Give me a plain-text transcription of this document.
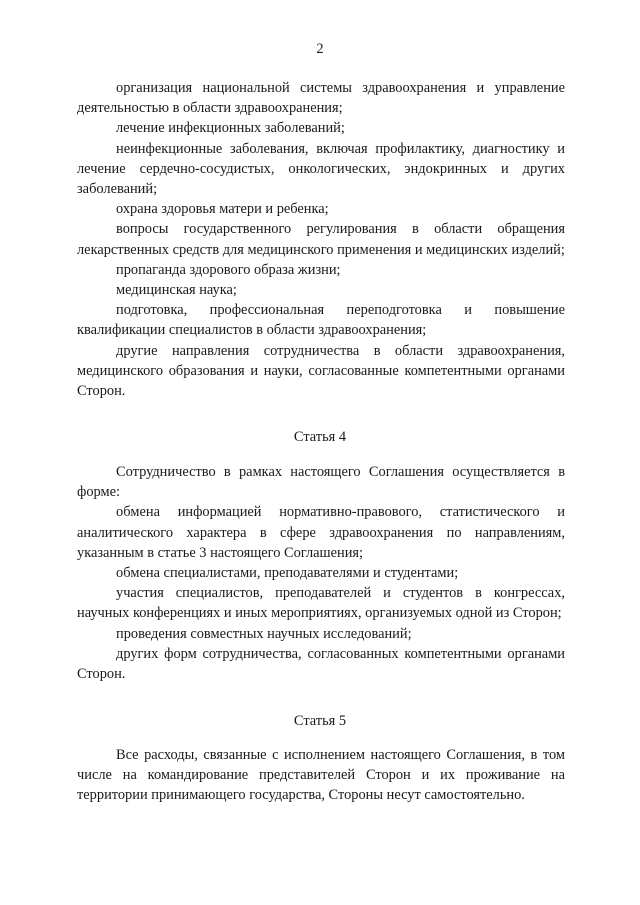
2

организация национальной системы здравоохранения и управление деятельностью в области здравоохранения;

лечение инфекционных заболеваний;

неинфекционные заболевания, включая профилактику, диагностику и лечение сердечно-сосудистых, онкологических, эндокринных и других заболеваний;

охрана здоровья матери и ребенка;

вопросы государственного регулирования в области обращения лекарственных средств для медицинского применения и медицинских изделий;

пропаганда здорового образа жизни;

медицинская наука;

подготовка, профессиональная переподготовка и повышение квалификации специалистов в области здравоохранения;

другие направления сотрудничества в области здравоохранения, медицинского образования и науки, согласованные компетентными органами Сторон.

Статья 4

Сотрудничество в рамках настоящего Соглашения осуществляется в форме:

обмена информацией нормативно-правового, статистического и аналитического характера в сфере здравоохранения по направлениям, указанным в статье 3 настоящего Соглашения;

обмена специалистами, преподавателями и студентами;

участия специалистов, преподавателей и студентов в конгрессах, научных конференциях и иных мероприятиях, организуемых одной из Сторон;

проведения совместных научных исследований;

других форм сотрудничества, согласованных компетентными органами Сторон.

Статья 5

Все расходы, связанные с исполнением настоящего Соглашения, в том числе на командирование представителей Сторон и их проживание на территории принимающего государства, Стороны несут самостоятельно.
